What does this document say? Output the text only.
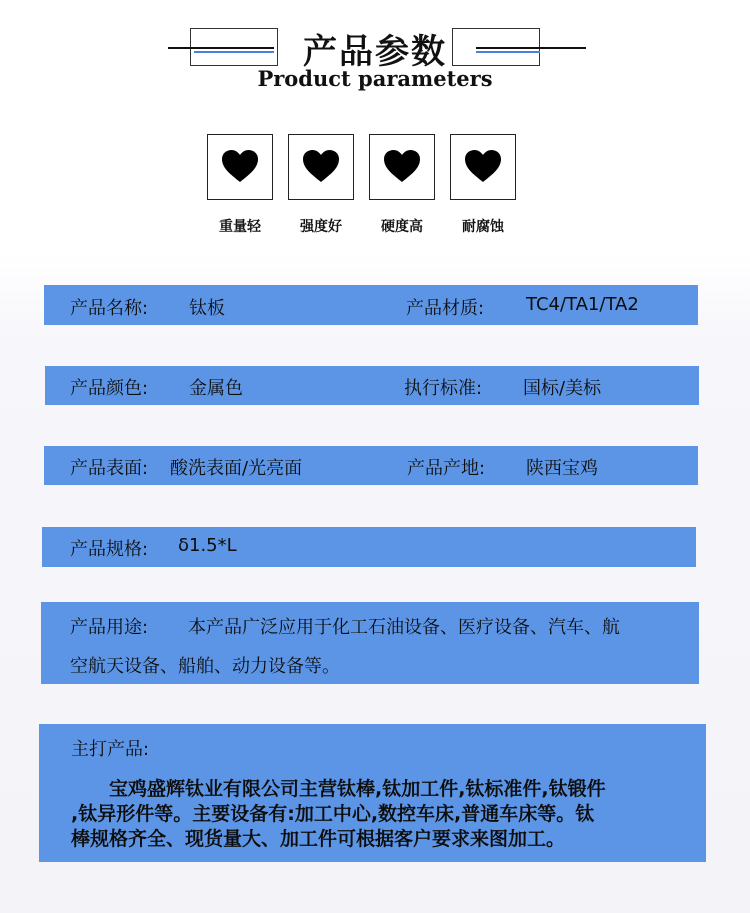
产品参数
Product parameters
重量轻	强度好	硬度高	耐腐蚀
产品名称: 钛板	产品材质: TC4/TA1/TA2
产品颜色: 金属色	执行标准: 国标/美标
产品表面: 酸洗表面/光亮面	产品产地: 陕西宝鸡
产品规格: δ1.5*L
产品用途: 本产品广泛应用于化工石油设备、医疗设备、汽车、航
空航天设备、船舶、动力设备等。
主打产品:
宝鸡盛辉钛业有限公司主营钛棒,钛加工件,钛标准件,钛锻件
,钛异形件等。主要设备有:加工中心,数控车床,普通车床等。钛
棒规格齐全、现货量大、加工件可根据客户要求来图加工。
